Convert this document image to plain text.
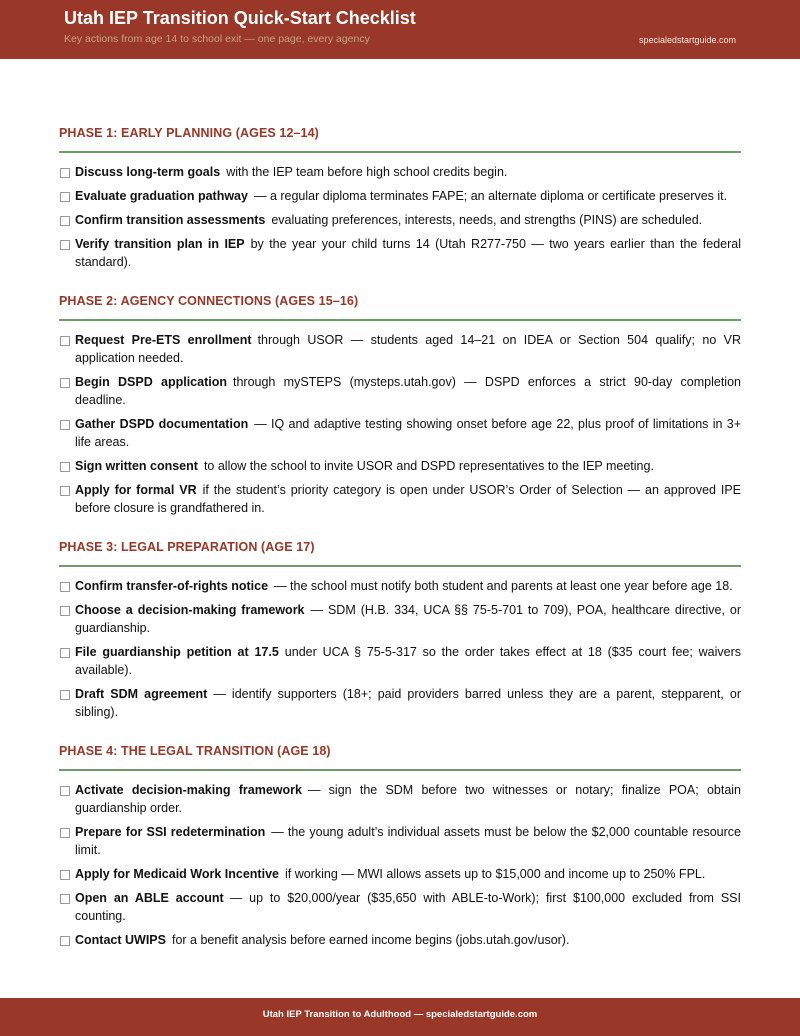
Utah IEP Transition Quick-Start Checklist
Key actions from age 14 to school exit — one page, every agency	specialedstartguide.com
PHASE 1: EARLY PLANNING (AGES 12–14)
Discuss long-term goals with the IEP team before high school credits begin.
Evaluate graduation pathway — a regular diploma terminates FAPE; an alternate diploma or certificate preserves it.
Confirm transition assessments evaluating preferences, interests, needs, and strengths (PINS) are scheduled.
Verify transition plan in IEP by the year your child turns 14 (Utah R277-750 — two years earlier than the federal standard).
PHASE 2: AGENCY CONNECTIONS (AGES 15–16)
Request Pre-ETS enrollment through USOR — students aged 14–21 on IDEA or Section 504 qualify; no VR application needed.
Begin DSPD application through mySTEPS (mysteps.utah.gov) — DSPD enforces a strict 90-day completion deadline.
Gather DSPD documentation — IQ and adaptive testing showing onset before age 22, plus proof of limitations in 3+ life areas.
Sign written consent to allow the school to invite USOR and DSPD representatives to the IEP meeting.
Apply for formal VR if the student’s priority category is open under USOR’s Order of Selection — an approved IPE before closure is grandfathered in.
PHASE 3: LEGAL PREPARATION (AGE 17)
Confirm transfer-of-rights notice — the school must notify both student and parents at least one year before age 18.
Choose a decision-making framework — SDM (H.B. 334, UCA §§ 75-5-701 to 709), POA, healthcare directive, or guardianship.
File guardianship petition at 17.5 under UCA § 75-5-317 so the order takes effect at 18 ($35 court fee; waivers available).
Draft SDM agreement — identify supporters (18+; paid providers barred unless they are a parent, stepparent, or sibling).
PHASE 4: THE LEGAL TRANSITION (AGE 18)
Activate decision-making framework — sign the SDM before two witnesses or notary; finalize POA; obtain guardianship order.
Prepare for SSI redetermination — the young adult’s individual assets must be below the $2,000 countable resource limit.
Apply for Medicaid Work Incentive if working — MWI allows assets up to $15,000 and income up to 250% FPL.
Open an ABLE account — up to $20,000/year ($35,650 with ABLE-to-Work); first $100,000 excluded from SSI counting.
Contact UWIPS for a benefit analysis before earned income begins (jobs.utah.gov/usor).
Utah IEP Transition to Adulthood — specialedstartguide.com
